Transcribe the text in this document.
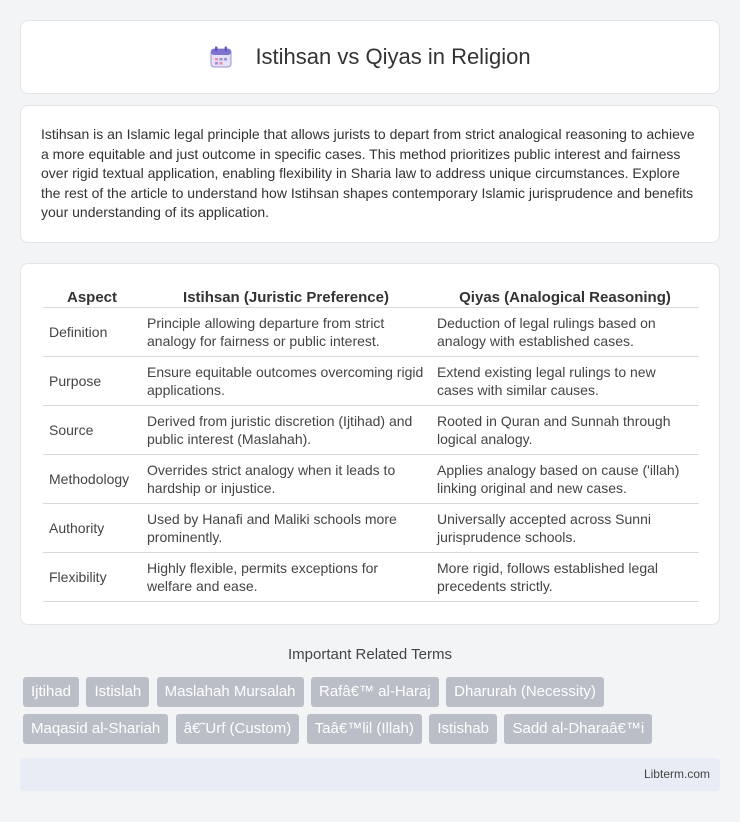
Istihsan vs Qiyas in Religion

Istihsan is an Islamic legal principle that allows jurists to depart from strict analogical reasoning to achieve a more equitable and just outcome in specific cases. This method prioritizes public interest and fairness over rigid textual application, enabling flexibility in Sharia law to address unique circumstances. Explore the rest of the article to understand how Istihsan shapes contemporary Islamic jurisprudence and benefits your understanding of its application.

Aspect	Istihsan (Juristic Preference)	Qiyas (Analogical Reasoning)
Definition	Principle allowing departure from strict analogy for fairness or public interest.	Deduction of legal rulings based on analogy with established cases.
Purpose	Ensure equitable outcomes overcoming rigid applications.	Extend existing legal rulings to new cases with similar causes.
Source	Derived from juristic discretion (Ijtihad) and public interest (Maslahah).	Rooted in Quran and Sunnah through logical analogy.
Methodology	Overrides strict analogy when it leads to hardship or injustice.	Applies analogy based on cause ('illah) linking original and new cases.
Authority	Used by Hanafi and Maliki schools more prominently.	Universally accepted across Sunni jurisprudence schools.
Flexibility	Highly flexible, permits exceptions for welfare and ease.	More rigid, follows established legal precedents strictly.
Important Related Terms
Ijtihad Istislah Maslahah Mursalah Rafâ€™ al-Haraj Dharurah (Necessity) Maqasid al-Shariah â€˜Urf (Custom) Taâ€™lil (Illah) Istishab Sadd al-Dharaâ€™i
Libterm.com
